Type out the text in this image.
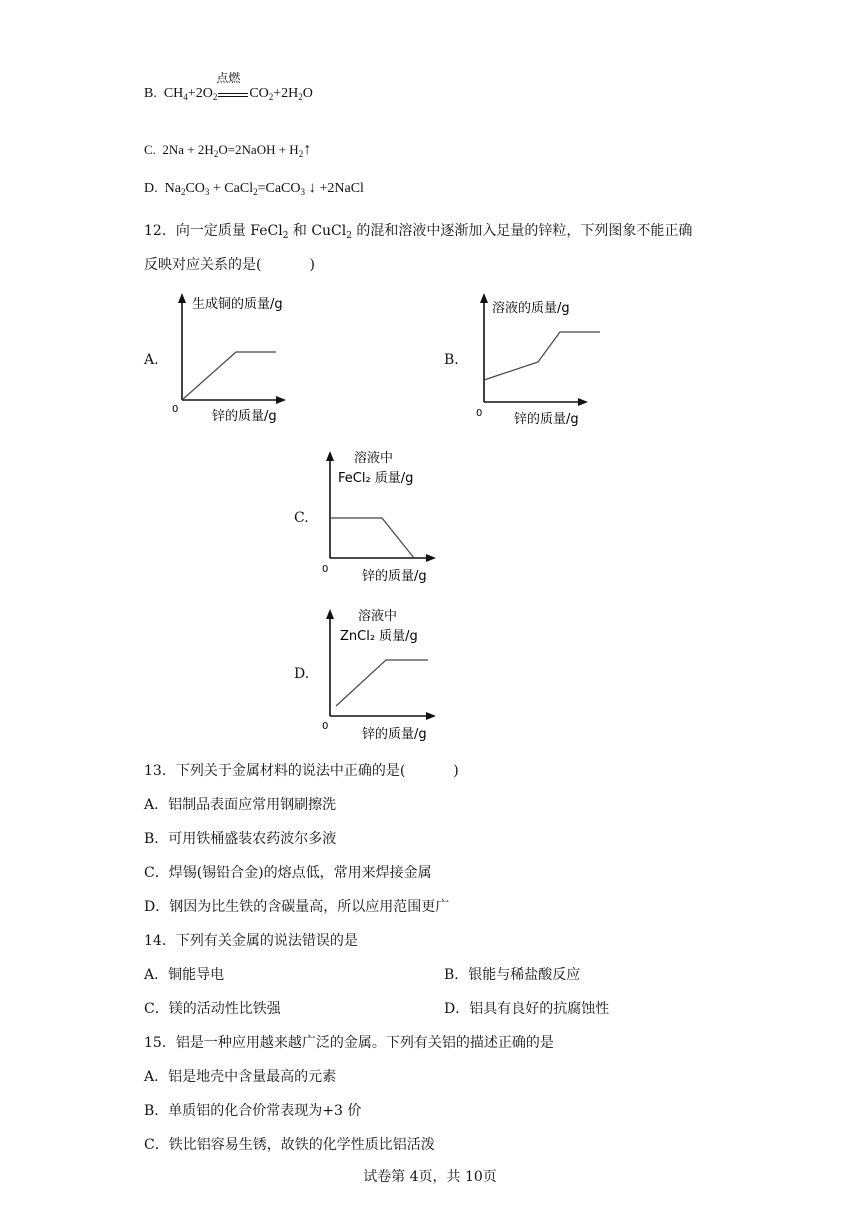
B.  $CH_4+2O_2$
点燃
$CO_2+2H_2O$
C.  $2Na + 2H_2O=2NaOH$ + $H_2↑$
D.  $Na_2CO_3$ + CaCl$_2$=CaCO$_3$ ↓ +2NaCl
12．向一定质量 FeCl$_2$ 和 CuCl$_2$ 的混和溶液中逐渐加入足量的锌粒，下列图象不能正确
反映对应关系的是(	)
A.
生成铜的质量/g
锌的质量/g
0
B.
溶液的质量/g
锌的质量/g
0
C.
溶液中
FeCl₂ 质量/g
锌的质量/g
0
D.
溶液中
ZnCl₂ 质量/g
锌的质量/g
0
13．下列关于金属材料的说法中正确的是(	)
A．铝制品表面应常用钢刷擦洗
B．可用铁桶盛装农药波尔多液
C．焊锡(锡铅合金)的熔点低，常用来焊接金属
D．钢因为比生铁的含碳量高，所以应用范围更广
14．下列有关金属的说法错误的是
A．铜能导电	B．银能与稀盐酸反应
C．镁的活动性比铁强	D．铝具有良好的抗腐蚀性
15．铝是一种应用越来越广泛的金属。下列有关铝的描述正确的是
A．铝是地壳中含量最高的元素
B．单质铝的化合价常表现为+3 价
C．铁比铝容易生锈，故铁的化学性质比铝活泼
试卷第 4页，共 10页
